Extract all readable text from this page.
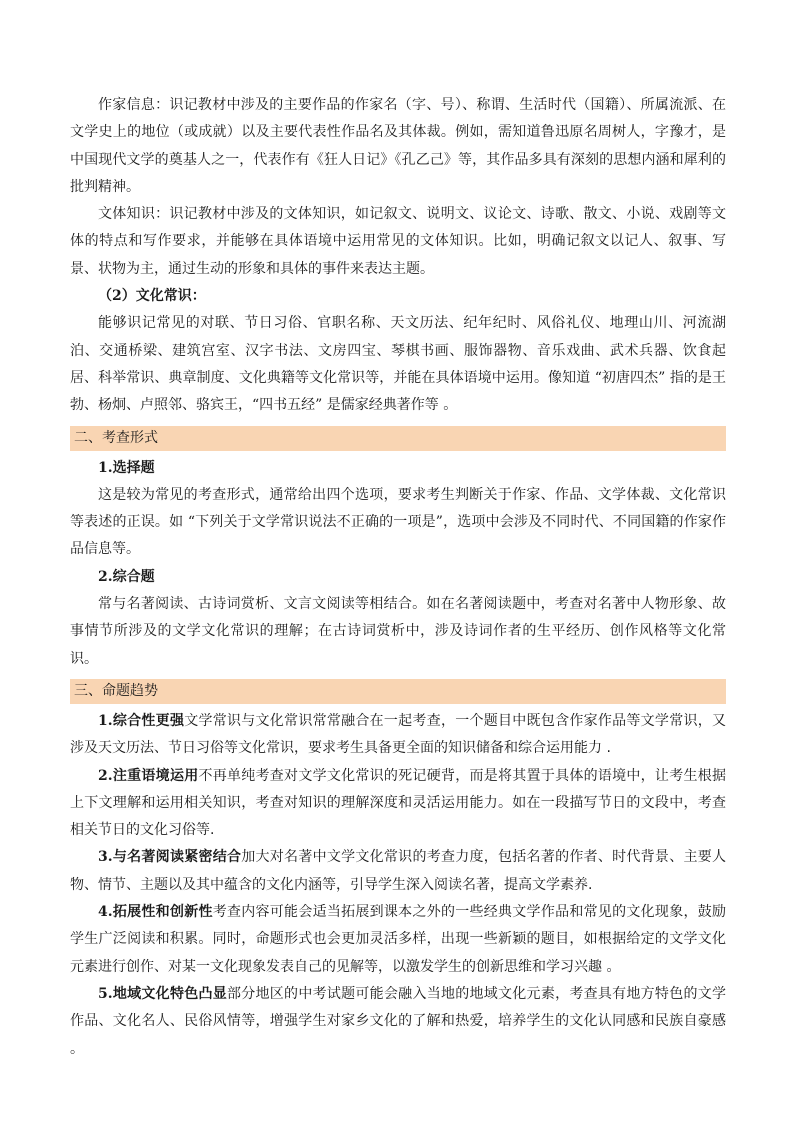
作家信息：识记教材中涉及的主要作品的作家名（字、号）、称谓、生活时代（国籍）、所属流派、在文学史上的地位（或成就）以及主要代表性作品名及其体裁。例如，需知道鲁迅原名周树人，字豫才，是中国现代文学的奠基人之一，代表作有《狂人日记》《孔乙己》等，其作品多具有深刻的思想内涵和犀利的批判精神。

文体知识：识记教材中涉及的文体知识，如记叙文、说明文、议论文、诗歌、散文、小说、戏剧等文体的特点和写作要求，并能够在具体语境中运用常见的文体知识。比如，明确记叙文以记人、叙事、写景、状物为主，通过生动的形象和具体的事件来表达主题。

（2）文化常识：

能够识记常见的对联、节日习俗、官职名称、天文历法、纪年纪时、风俗礼仪、地理山川、河流湖泊、交通桥梁、建筑宫室、汉字书法、文房四宝、琴棋书画、服饰器物、音乐戏曲、武术兵器、饮食起居、科举常识、典章制度、文化典籍等文化常识等，并能在具体语境中运用。像知道 “初唐四杰” 指的是王勃、杨炯、卢照邻、骆宾王，“四书五经” 是儒家经典著作等 。

二、考查形式

1.选择题

这是较为常见的考查形式，通常给出四个选项，要求考生判断关于作家、作品、文学体裁、文化常识等表述的正误。如 “下列关于文学常识说法不正确的一项是”，选项中会涉及不同时代、不同国籍的作家作品信息等。

2.综合题

常与名著阅读、古诗词赏析、文言文阅读等相结合。如在名著阅读题中，考查对名著中人物形象、故事情节所涉及的文学文化常识的理解；在古诗词赏析中，涉及诗词作者的生平经历、创作风格等文化常识。

三、命题趋势

1.综合性更强文学常识与文化常识常常融合在一起考查，一个题目中既包含作家作品等文学常识，又涉及天文历法、节日习俗等文化常识，要求考生具备更全面的知识储备和综合运用能力 .

2.注重语境运用不再单纯考查对文学文化常识的死记硬背，而是将其置于具体的语境中，让考生根据上下文理解和运用相关知识，考查对知识的理解深度和灵活运用能力。如在一段描写节日的文段中，考查相关节日的文化习俗等.

3.与名著阅读紧密结合加大对名著中文学文化常识的考查力度，包括名著的作者、时代背景、主要人物、情节、主题以及其中蕴含的文化内涵等，引导学生深入阅读名著，提高文学素养.

4.拓展性和创新性考查内容可能会适当拓展到课本之外的一些经典文学作品和常见的文化现象，鼓励学生广泛阅读和积累。同时，命题形式也会更加灵活多样，出现一些新颖的题目，如根据给定的文学文化元素进行创作、对某一文化现象发表自己的见解等，以激发学生的创新思维和学习兴趣 。

5.地域文化特色凸显部分地区的中考试题可能会融入当地的地域文化元素，考查具有地方特色的文学作品、文化名人、民俗风情等，增强学生对家乡文化的了解和热爱，培养学生的文化认同感和民族自豪感 。
